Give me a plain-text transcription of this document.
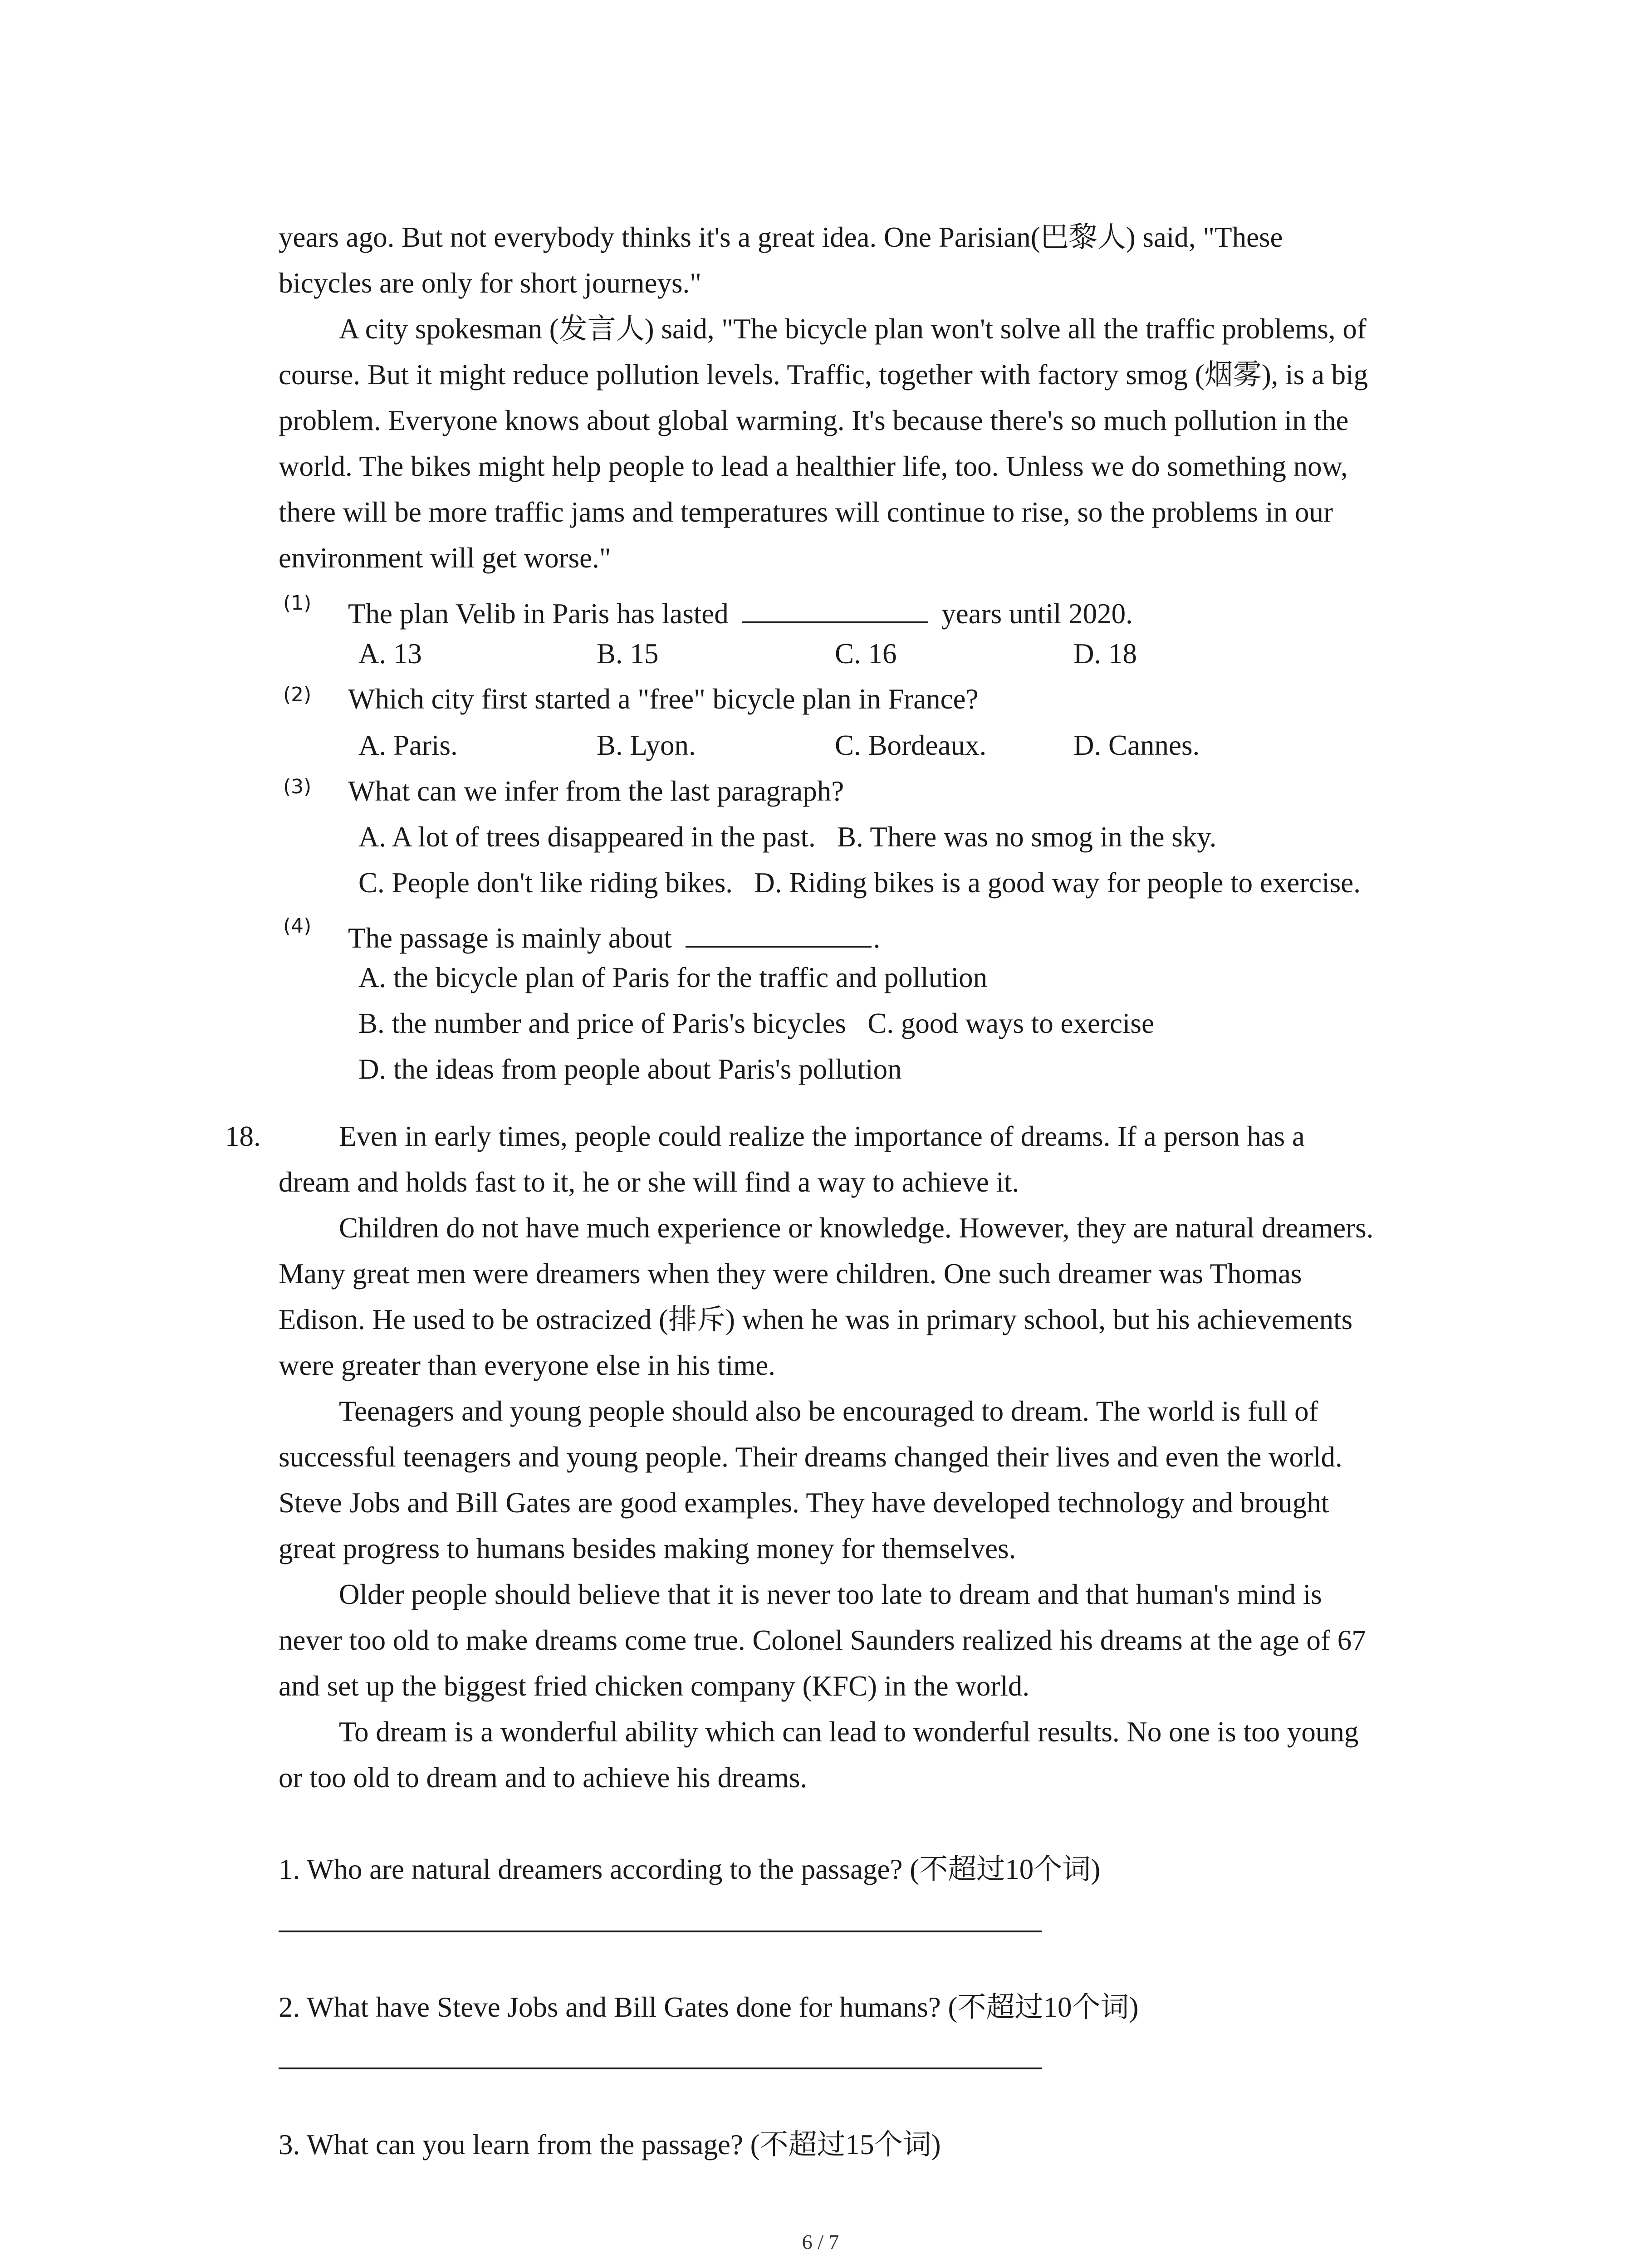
years ago. But not everybody thinks it's a great idea. One Parisian(巴黎人) said, "These
bicycles are only for short journeys."
A city spokesman (发言人) said, "The bicycle plan won't solve all the traffic problems, of
course. But it might reduce pollution levels. Traffic, together with factory smog (烟雾), is a big
problem. Everyone knows about global warming. It's because there's so much pollution in the
world. The bikes might help people to lead a healthier life, too. Unless we do something now,
there will be more traffic jams and temperatures will continue to rise, so the problems in our
environment will get worse."
(1) The plan Velib in Paris has lasted	years until 2020.
A. 13	B. 15	C. 16	D. 18
(2) Which city first started a "free" bicycle plan in France?
A. Paris.	B. Lyon.	C. Bordeaux.	D. Cannes.
(3) What can we infer from the last paragraph?
A. A lot of trees disappeared in the past.   B. There was no smog in the sky.
C. People don't like riding bikes.   D. Riding bikes is a good way for people to exercise.
(4) The passage is mainly about	.
A. the bicycle plan of Paris for the traffic and pollution
B. the number and price of Paris's bicycles   C. good ways to exercise
D. the ideas from people about Paris's pollution
18.	Even in early times, people could realize the importance of dreams. If a person has a
dream and holds fast to it, he or she will find a way to achieve it.
Children do not have much experience or knowledge. However, they are natural dreamers.
Many great men were dreamers when they were children. One such dreamer was Thomas
Edison. He used to be ostracized (排斥) when he was in primary school, but his achievements
were greater than everyone else in his time.
Teenagers and young people should also be encouraged to dream. The world is full of
successful teenagers and young people. Their dreams changed their lives and even the world.
Steve Jobs and Bill Gates are good examples. They have developed technology and brought
great progress to humans besides making money for themselves.
Older people should believe that it is never too late to dream and that human's mind is
never too old to make dreams come true. Colonel Saunders realized his dreams at the age of 67
and set up the biggest fried chicken company (KFC) in the world.
To dream is a wonderful ability which can lead to wonderful results. No one is too young
or too old to dream and to achieve his dreams.
1. Who are natural dreamers according to the passage? (不超过10个词)
2. What have Steve Jobs and Bill Gates done for humans? (不超过10个词)
3. What can you learn from the passage? (不超过15个词)
6 / 7
